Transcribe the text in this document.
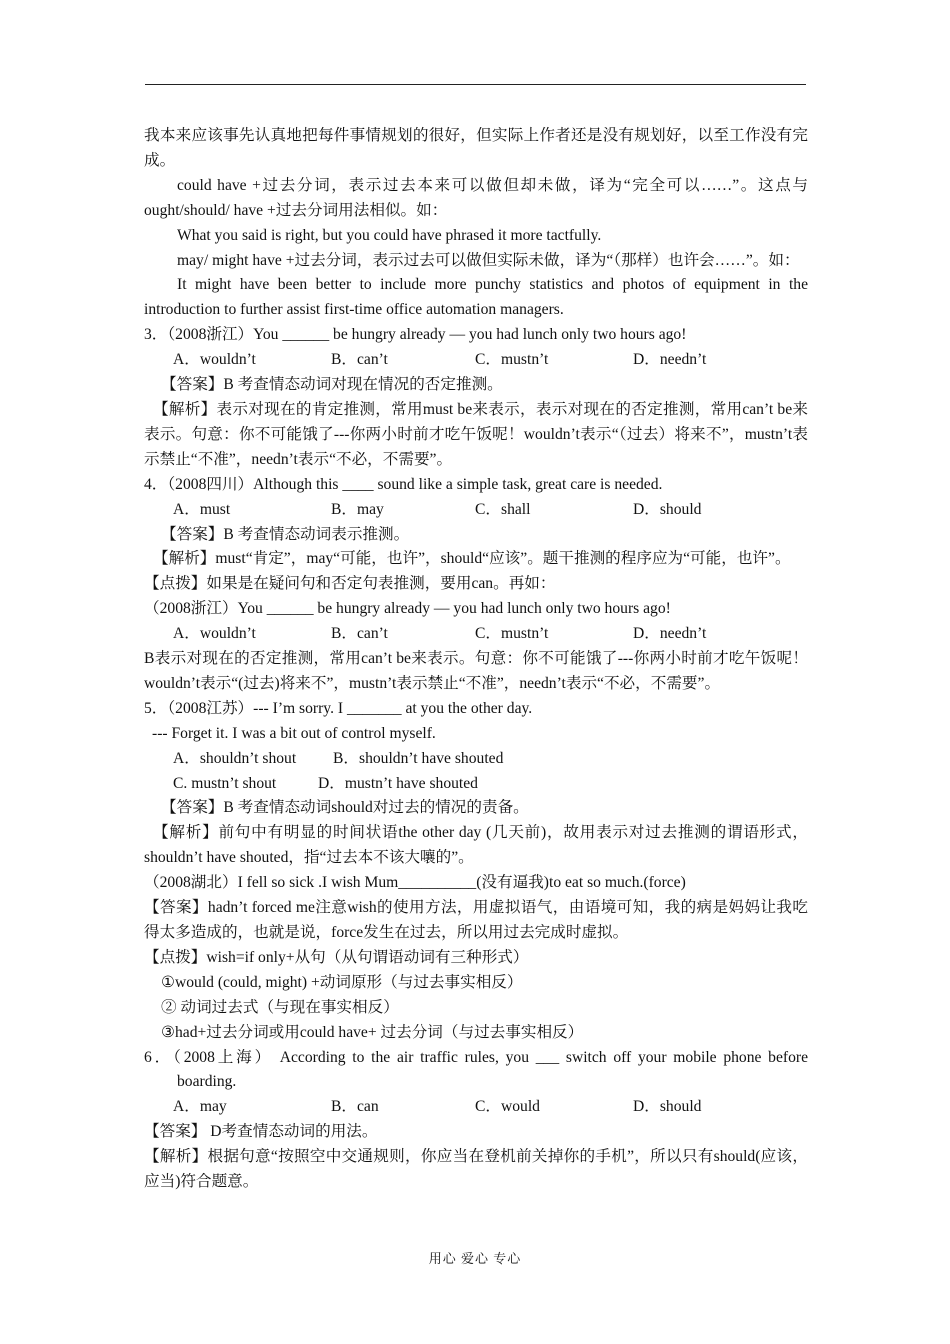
我本来应该事先认真地把每件事情规划的很好，但实际上作者还是没有规划好，以至工作没有完成。

could have +过去分词，表示过去本来可以做但却未做，译为“完全可以……”。这点与ought/should/ have +过去分词用法相似。如：

What you said is right, but you could have phrased it more tactfully.

may/ might have +过去分词，表示过去可以做但实际未做，译为“（那样）也许会……”。如：

It might have been better to include more punchy statistics and photos of equipment in the introduction to further assist first-time office automation managers.

3．（2008浙江）You ______ be hungry already — you had lunch only two hours ago!

A．wouldn’t	B．can’t	C．mustn’t	D．needn’t

【答案】B 考查情态动词对现在情况的否定推测。

【解析】表示对现在的肯定推测，常用must be来表示，表示对现在的否定推测，常用can’t be来表示。句意：你不可能饿了---你两小时前才吃午饭呢！wouldn’t表示“（过去）将来不”，mustn’t表示禁止“不准”，needn’t表示“不必，不需要”。

4．（2008四川）Although this ____ sound like a simple task, great care is needed.

A．must	B．may	C．shall	D．should

【答案】B 考查情态动词表示推测。

【解析】must“肯定”，may“可能，也许”，should“应该”。题干推测的程序应为“可能，也许”。

【点拨】如果是在疑问句和否定句表推测，要用can。再如：

（2008浙江）You ______ be hungry already — you had lunch only two hours ago!

A．wouldn’t	B．can’t	C．mustn’t	D．needn’t

B表示对现在的否定推测，常用can’t be来表示。句意：你不可能饿了---你两小时前才吃午饭呢！wouldn’t表示“(过去)将来不”，mustn’t表示禁止“不准”，needn’t表示“不必，不需要”。

5．（2008江苏）--- I’m sorry. I _______ at you the other day.

--- Forget it. I was a bit out of control myself.

A．shouldn’t shout B．shouldn’t have shouted
C. mustn’t shout	D．mustn’t have shouted

【答案】B 考查情态动词should对过去的情况的责备。

【解析】前句中有明显的时间状语the other day (几天前)，故用表示对过去推测的谓语形式，shouldn’t have shouted，指“过去本不该大嚷的”。

（2008湖北）I fell so sick .I wish Mum__________(没有逼我)to eat so much.(force)

【答案】hadn’t forced me注意wish的使用方法，用虚拟语气，由语境可知，我的病是妈妈让我吃得太多造成的，也就是说，force发生在过去，所以用过去完成时虚拟。

【点拨】wish=if only+从句（从句谓语动词有三种形式）

①would (could, might) +动词原形（与过去事实相反）

② 动词过去式（与现在事实相反）

③had+过去分词或用could have+ 过去分词（与过去事实相反）

6．（2008上海） According to the air traffic rules, you ___ switch off your mobile phone before boarding.

A．may	B．can	C．would	D．should

【答案】 D考查情态动词的用法。

【解析】根据句意“按照空中交通规则，你应当在登机前关掉你的手机”，所以只有should(应该，应当)符合题意。

用心 爱心 专心
